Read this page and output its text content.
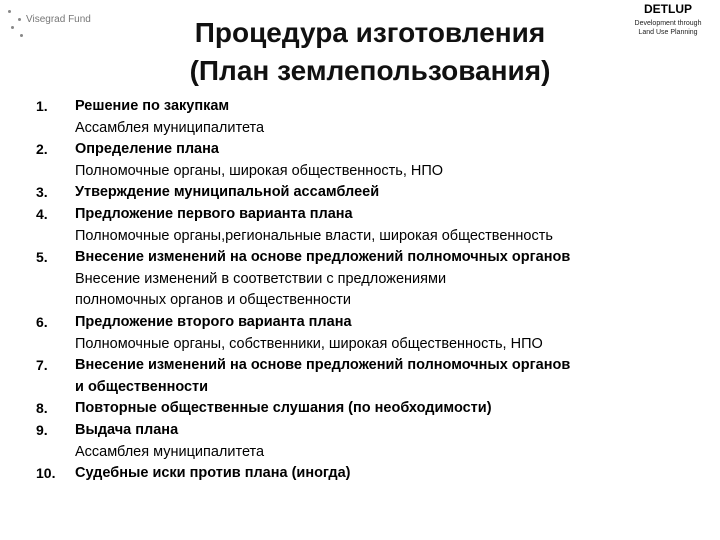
Visegrad Fund	Процедура изготовления
(План землепользования)
DETLUP
Development through
Land Use Planning
1.	Решение по закупкам
Ассамблея муниципалитета
2.	Определение плана
Полномочные органы, широкая общественность, НПО
3.	Утверждение муниципальной ассамблеей
4.	Предложение первого варианта плана
Полномочные органы,региональные власти, широкая общественность
5.	Внесение изменений на основе предложений полномочных органов
Внесение изменений в соответствии с предложениями
полномочных органов и общественности
6.	Предложение второго варианта плана
Полномочные органы, собственники, широкая общественность, НПО
7.	Внесение изменений на основе предложений полномочных органов
и общественности
8.	Повторные общественные слушания (по необходимости)
9.	Выдача плана
Ассамблея муниципалитета
10.	Судебные иски против плана (иногда)
